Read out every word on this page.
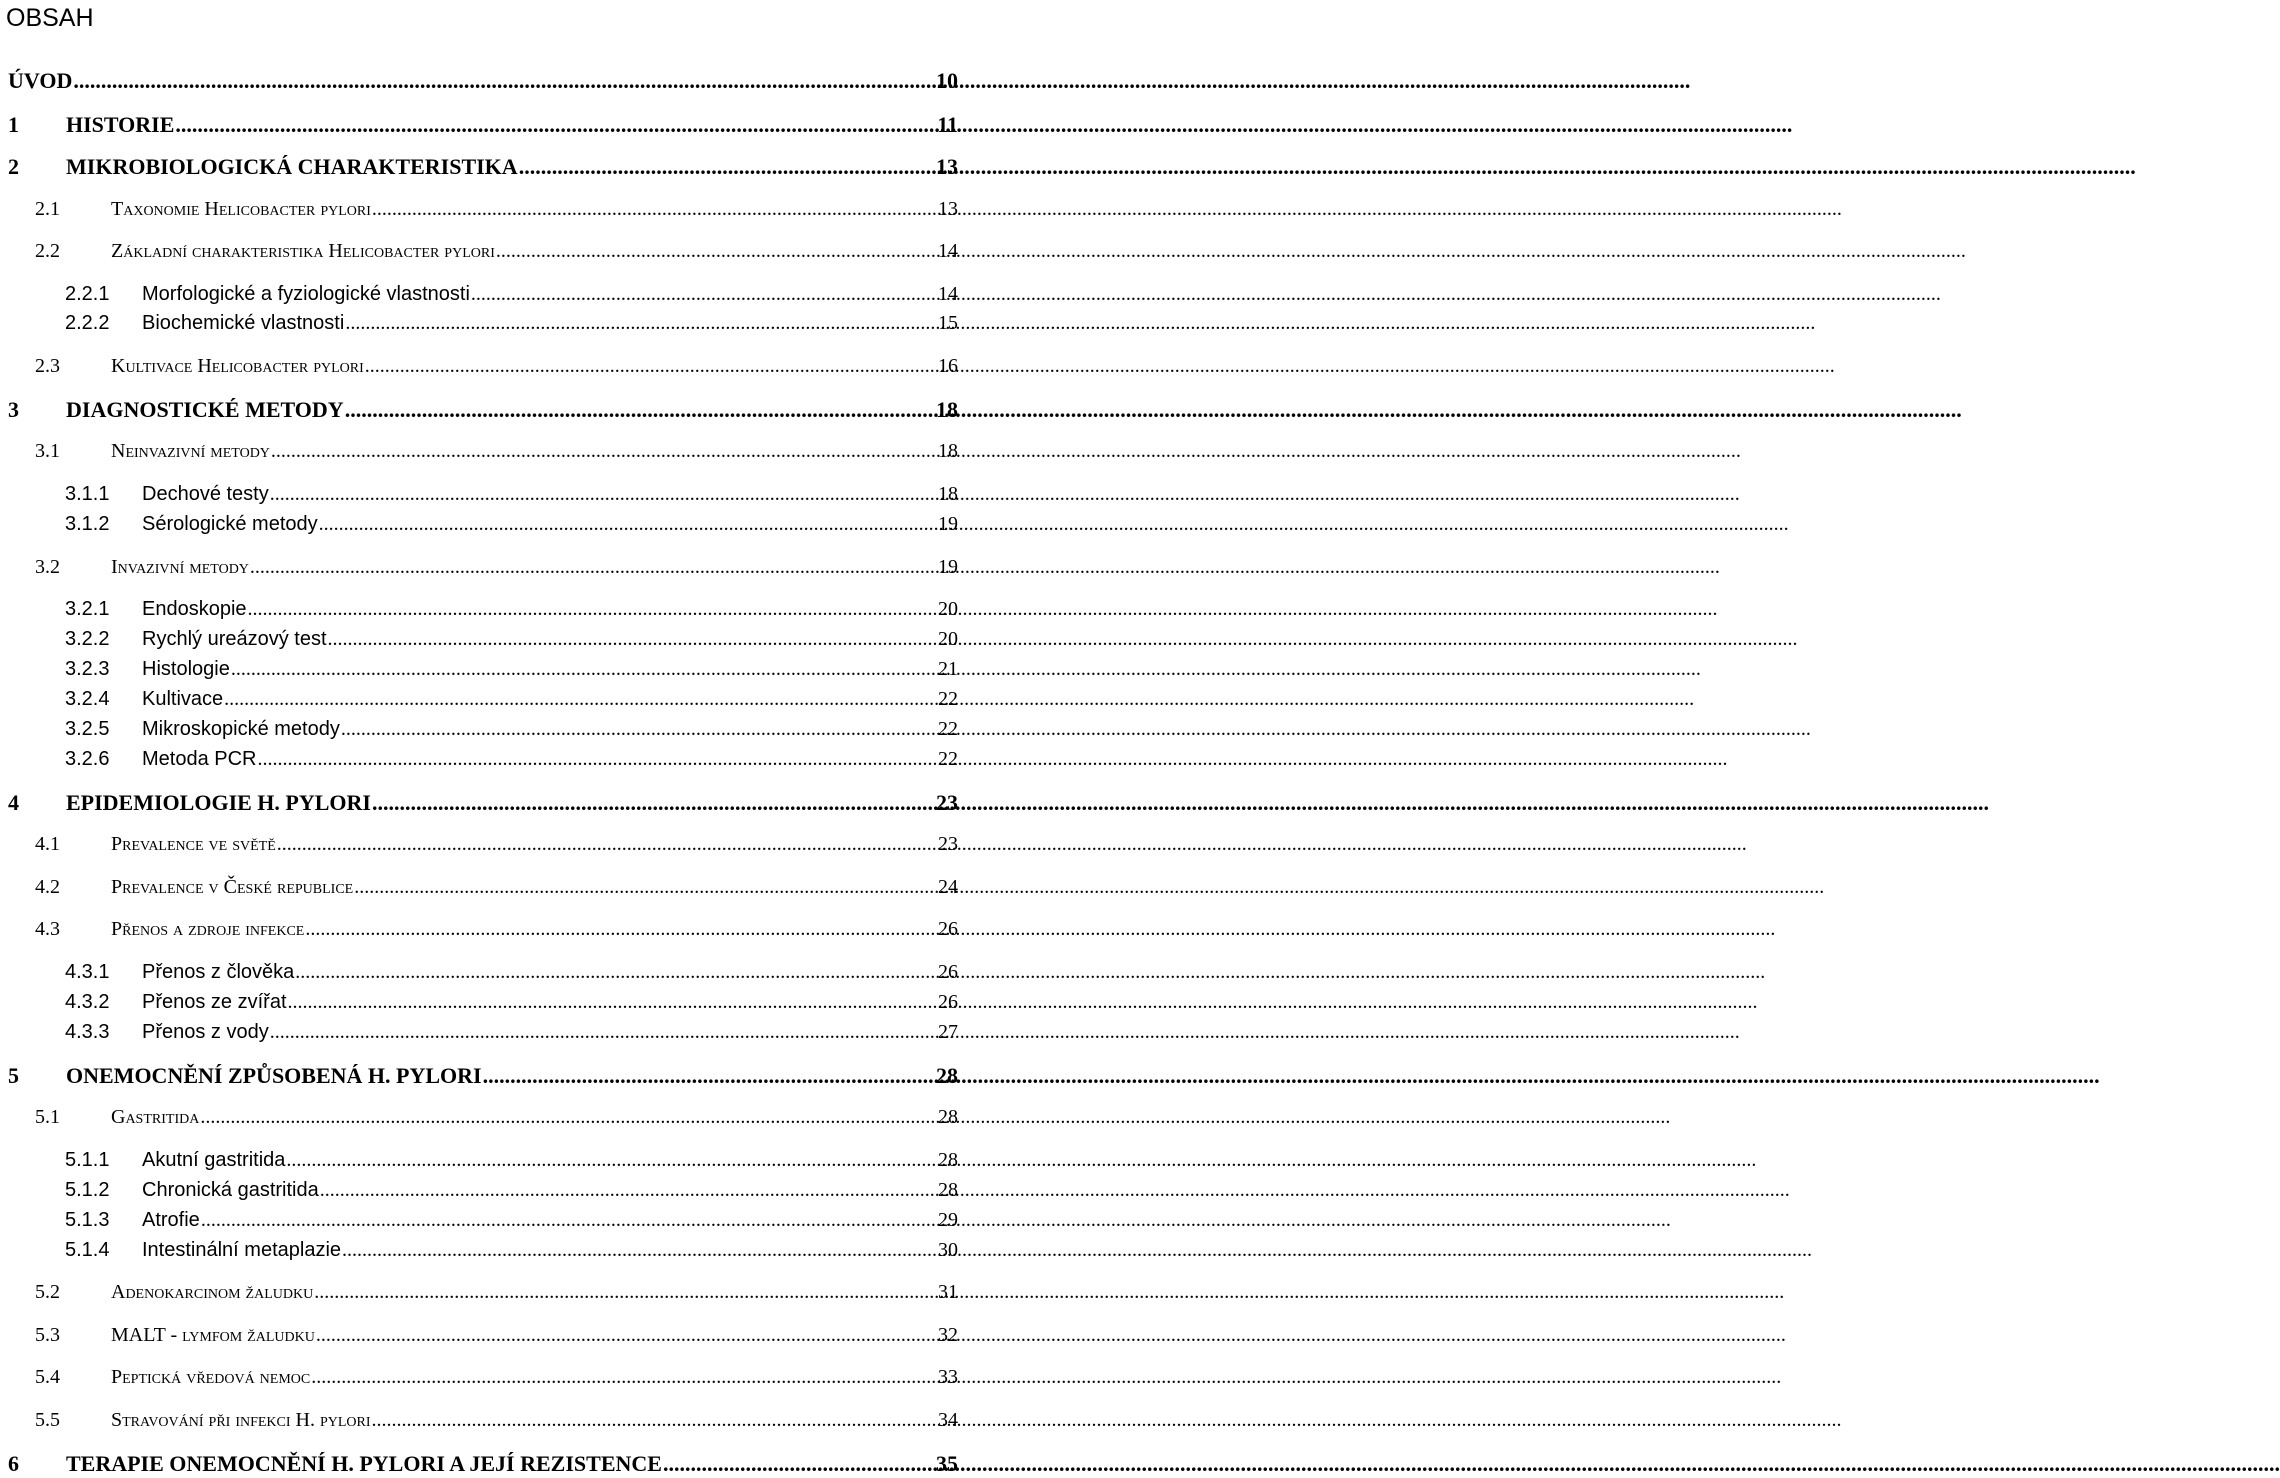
OBSAH
ÚVOD .....	10
1	HISTORIE .....	11
2	MIKROBIOLOGICKÁ CHARAKTERISTIKA .....	13
2.1	Taxonomie Helicobacter pylori .....	13
2.2	Základní charakteristika Helicobacter pylori .....	14
2.2.1	Morfologické a fyziologické vlastnosti .....	14
2.2.2	Biochemické vlastnosti .....	15
2.3	Kultivace Helicobacter pylori .....	16
3	DIAGNOSTICKÉ METODY .....	18
3.1	Neinvazivní metody .....	18
3.1.1	Dechové testy .....	18
3.1.2	Sérologické metody .....	19
3.2	Invazivní metody .....	19
3.2.1	Endoskopie .....	20
3.2.2	Rychlý ureázový test .....	20
3.2.3	Histologie .....	21
3.2.4	Kultivace .....	22
3.2.5	Mikroskopické metody .....	22
3.2.6	Metoda PCR .....	22
4	EPIDEMIOLOGIE H. PYLORI .....	23
4.1	Prevalence ve světě .....	23
4.2	Prevalence v České republice .....	24
4.3	Přenos a zdroje infekce .....	26
4.3.1	Přenos z člověka .....	26
4.3.2	Přenos ze zvířat .....	26
4.3.3	Přenos z vody .....	27
5	ONEMOCNĚNÍ ZPŮSOBENÁ H. PYLORI .....	28
5.1	Gastritida .....	28
5.1.1	Akutní gastritida .....	28
5.1.2	Chronická gastritida .....	28
5.1.3	Atrofie .....	29
5.1.4	Intestinální metaplazie .....	30
5.2	Adenokarcinom žaludku .....	31
5.3	MALT - lymfom žaludku .....	32
5.4	Peptická vředová nemoc .....	33
5.5	Stravování při infekci H. pylori .....	34
6	TERAPIE ONEMOCNĚNÍ H. PYLORI A JEJÍ REZISTENCE .....	35
